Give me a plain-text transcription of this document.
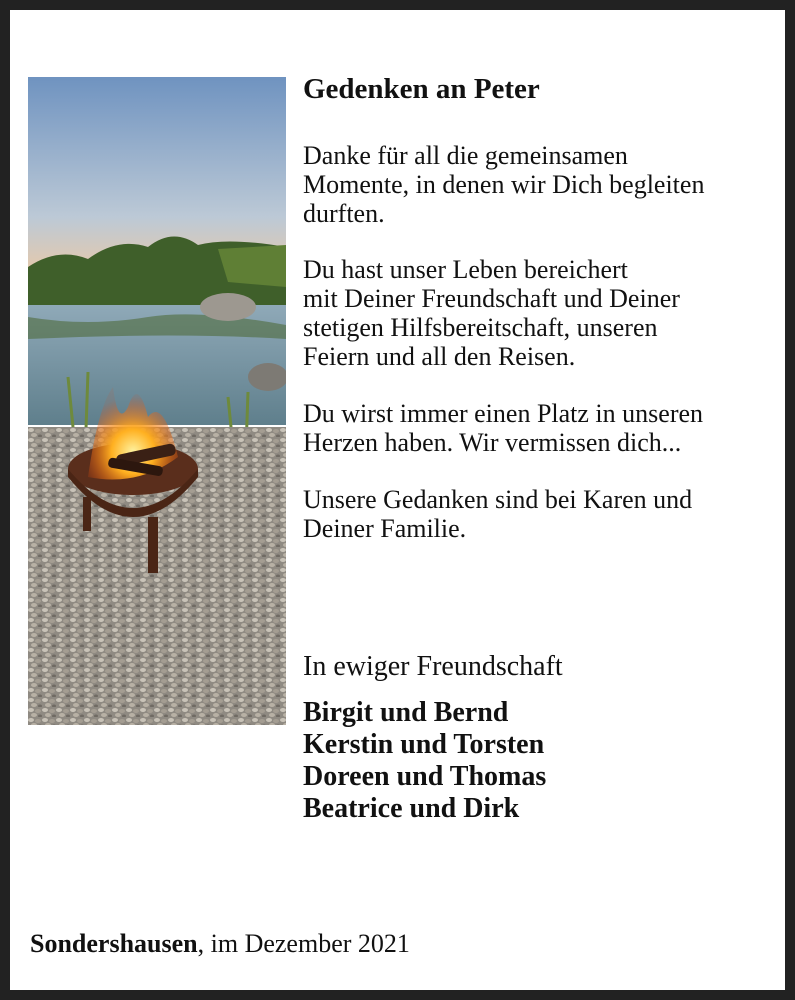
Gedenken an Peter

Danke für all die gemeinsamen
Momente, in denen wir Dich begleiten
durften.

Du hast unser Leben bereichert
mit Deiner Freundschaft und Deiner
stetigen Hilfsbereitschaft, unseren
Feiern und all den Reisen.

Du wirst immer einen Platz in unseren
Herzen haben. Wir vermissen dich...

Unsere Gedanken sind bei Karen und
Deiner Familie.

In ewiger Freundschaft

Birgit und Bernd
Kerstin und Torsten
Doreen und Thomas
Beatrice und Dirk

Sondershausen, im Dezember 2021
